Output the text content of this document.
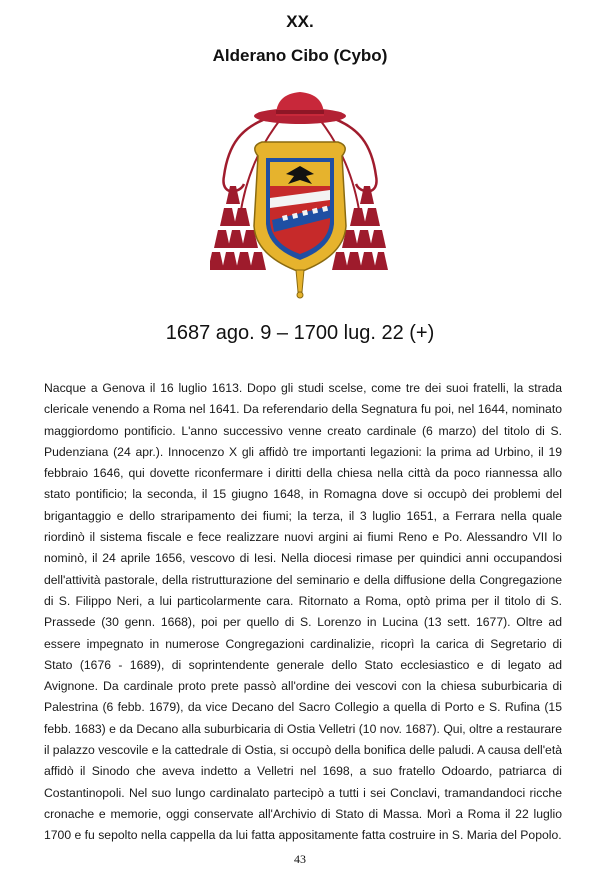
XX.
Alderano Cibo (Cybo)
1687 ago. 9 – 1700 lug. 22 (+)
Nacque a Genova il 16 luglio 1613. Dopo gli studi scelse, come tre dei suoi fratelli, la strada clericale venendo a Roma nel 1641. Da referendario della Segnatura fu poi, nel 1644, nominato maggiordomo pontificio. L'anno successivo venne creato cardinale (6 marzo) del titolo di S. Pudenziana (24 apr.). Innocenzo X gli affidò tre importanti legazioni: la prima ad Urbino, il 19 febbraio 1646, qui dovette riconfermare i diritti della chiesa nella città da poco riannessa allo stato pontificio; la seconda, il 15 giugno 1648, in Romagna dove si occupò dei problemi del brigantaggio e dello straripamento dei fiumi; la terza, il 3 luglio 1651, a Ferrara nella quale riordinò il sistema fiscale e fece realizzare nuovi argini ai fiumi Reno e Po. Alessandro VII lo nominò, il 24 aprile 1656, vescovo di Iesi. Nella diocesi rimase per quindici anni occupandosi dell'attività pastorale, della ristrutturazione del seminario e della diffusione della Congregazione di S. Filippo Neri, a lui particolarmente cara. Ritornato a Roma, optò prima per il titolo di S. Prassede (30 genn. 1668), poi per quello di S. Lorenzo in Lucina (13 sett. 1677). Oltre ad essere impegnato in numerose Congregazioni cardinalizie, ricoprì la carica di Segretario di Stato (1676 - 1689), di soprintendente generale dello Stato ecclesiastico e di legato ad Avignone. Da cardinale proto prete passò all'ordine dei vescovi con la chiesa suburbicaria di Palestrina (6 febb. 1679), da vice Decano del Sacro Collegio a quella di Porto e S. Rufina (15 febb. 1683) e da Decano alla suburbicaria di Ostia Velletri (10 nov. 1687). Qui, oltre a restaurare il palazzo vescovile e la cattedrale di Ostia, si occupò della bonifica delle paludi. A causa dell'età affidò il Sinodo che aveva indetto a Velletri nel 1698, a suo fratello Odoardo, patriarca di Costantinopoli. Nel suo lungo cardinalato partecipò a tutti i sei Conclavi, tramandandoci ricche cronache e memorie, oggi conservate all'Archivio di Stato di Massa. Morì a Roma il 22 luglio 1700 e fu sepolto nella cappella da lui fatta appositamente fatta costruire in S. Maria del Popolo.
43
